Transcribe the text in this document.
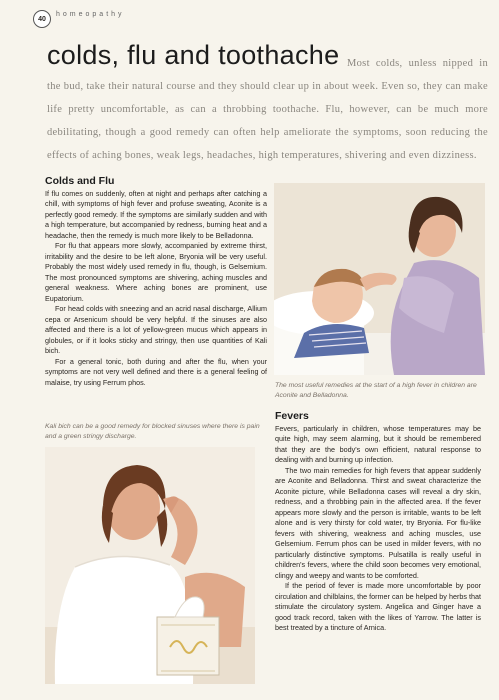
40
homeopathy
Most colds, unless nipped in the bud, take their natural course and they should clear up in about week. Even so, they can make life pretty uncomfortable, as can a throbbing toothache. Flu, however, can be much more debilitating, though a good remedy can often help ameliorate the symptoms, soon reducing the effects of aching bones, weak legs, headaches, high temperatures, shivering and even dizziness.
colds, flu and toothache
Colds and Flu

If flu comes on suddenly, often at night and perhaps after catching a chill, with symptoms of high fever and profuse sweating, Aconite is a perfectly good remedy. If the symptoms are similarly sudden and with a high temperature, but accompanied by redness, burning heat and a headache, then the remedy is much more likely to be Belladonna.

For flu that appears more slowly, accompanied by extreme thirst, irritability and the desire to be left alone, Bryonia will be very useful. Probably the most widely used remedy in flu, though, is Gelsemium. The most pronounced symptoms are shivering, aching muscles and general weakness. Where aching bones are prominent, use Eupatorium.

For head colds with sneezing and an acrid nasal discharge, Allium cepa or Arsenicum should be very helpful. If the sinuses are also affected and there is a lot of yellow-green mucus which appears in globules, or if it looks sticky and stringy, then use quantities of Kali bich.

For a general tonic, both during and after the flu, when your symptoms are not very well defined and there is a general feeling of malaise, try using Ferrum phos.	The most useful remedies at the start of a high fever in children are Aconite and Belladonna.
Kali bich can be a good remedy for blocked sinuses where there is pain and a green stringy discharge.
Fevers

Fevers, particularly in children, whose temperatures may be quite high, may seem alarming, but it should be remembered that they are the body's own efficient, natural response to dealing with and burning up infection.

The two main remedies for high fevers that appear suddenly are Aconite and Belladonna. Thirst and sweat characterize the Aconite picture, while Belladonna cases will reveal a dry skin, redness, and a throbbing pain in the affected area. If the fever appears more slowly and the person is irritable, wants to be left alone and is very thirsty for cold water, try Bryonia. For flu-like fevers with shivering, weakness and aching muscles, use Gelsemium. Ferrum phos can be used in milder fevers, with no particularly distinctive symptoms. Pulsatilla is really useful in children's fevers, where the child soon becomes very emotional, clingy and weepy and wants to be comforted.

If the period of fever is made more uncomfortable by poor circulation and chilblains, the former can be helped by herbs that stimulate the circulatory system. Angelica and Ginger have a good track record, taken with the likes of Yarrow. The latter is best treated by a tincture of Arnica.
